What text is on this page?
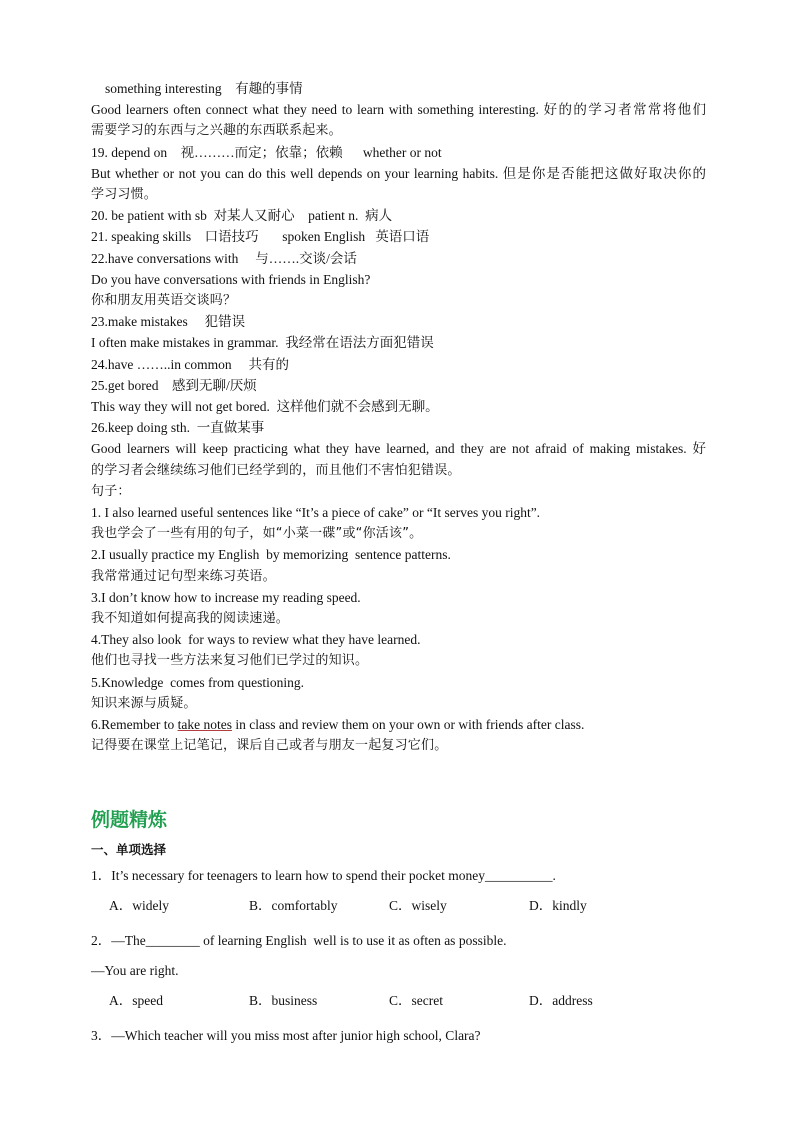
something interesting    有趣的事情
Good learners often connect what they need to learn with something interesting. 好的的学习者常常将他们
需要学习的东西与之兴趣的东西联系起来。
19. depend on    视………而定；依靠；依赖      whether or not
But whether or not you can do this well depends on your learning habits. 但是你是否能把这做好取决你的
学习习惯。
20. be patient with sb  对某人又耐心    patient n.  病人
21. speaking skills    口语技巧       spoken English   英语口语
22.have conversations with     与…….交谈/会话
Do you have conversations with friends in English?
你和朋友用英语交谈吗？
23.make mistakes     犯错误
I often make mistakes in grammar.  我经常在语法方面犯错误
24.have ……..in common     共有的
25.get bored    感到无聊/厌烦
This way they will not get bored.  这样他们就不会感到无聊。
26.keep doing sth.  一直做某事
Good learners will keep practicing what they have learned, and they are not afraid of making mistakes. 好
的学习者会继续练习他们已经学到的，而且他们不害怕犯错误。
句子：
1. I also learned useful sentences like “It’s a piece of cake” or “It serves you right”.
我也学会了一些有用的句子，如“小菜一碟”或“你活该”。
2.I usually practice my English  by memorizing  sentence patterns.
我常常通过记句型来练习英语。
3.I don’t know how to increase my reading speed.
我不知道如何提高我的阅读速递。
4.They also look  for ways to review what they have learned.
他们也寻找一些方法来复习他们已学过的知识。
5.Knowledge  comes from questioning.
知识来源与质疑。
6.Remember to take notes in class and review them on your own or with friends after class.
记得要在课堂上记笔记，课后自己或者与朋友一起复习它们。
例题精炼
一、单项选择
1．It’s necessary for teenagers to learn how to spend their pocket money__________.
A．widely	B．comfortably	C．wisely	D．kindly
2．—The________ of learning English  well is to use it as often as possible.
—You are right.
A．speed	B．business	C．secret	D．address
3．—Which teacher will you miss most after junior high school, Clara?
